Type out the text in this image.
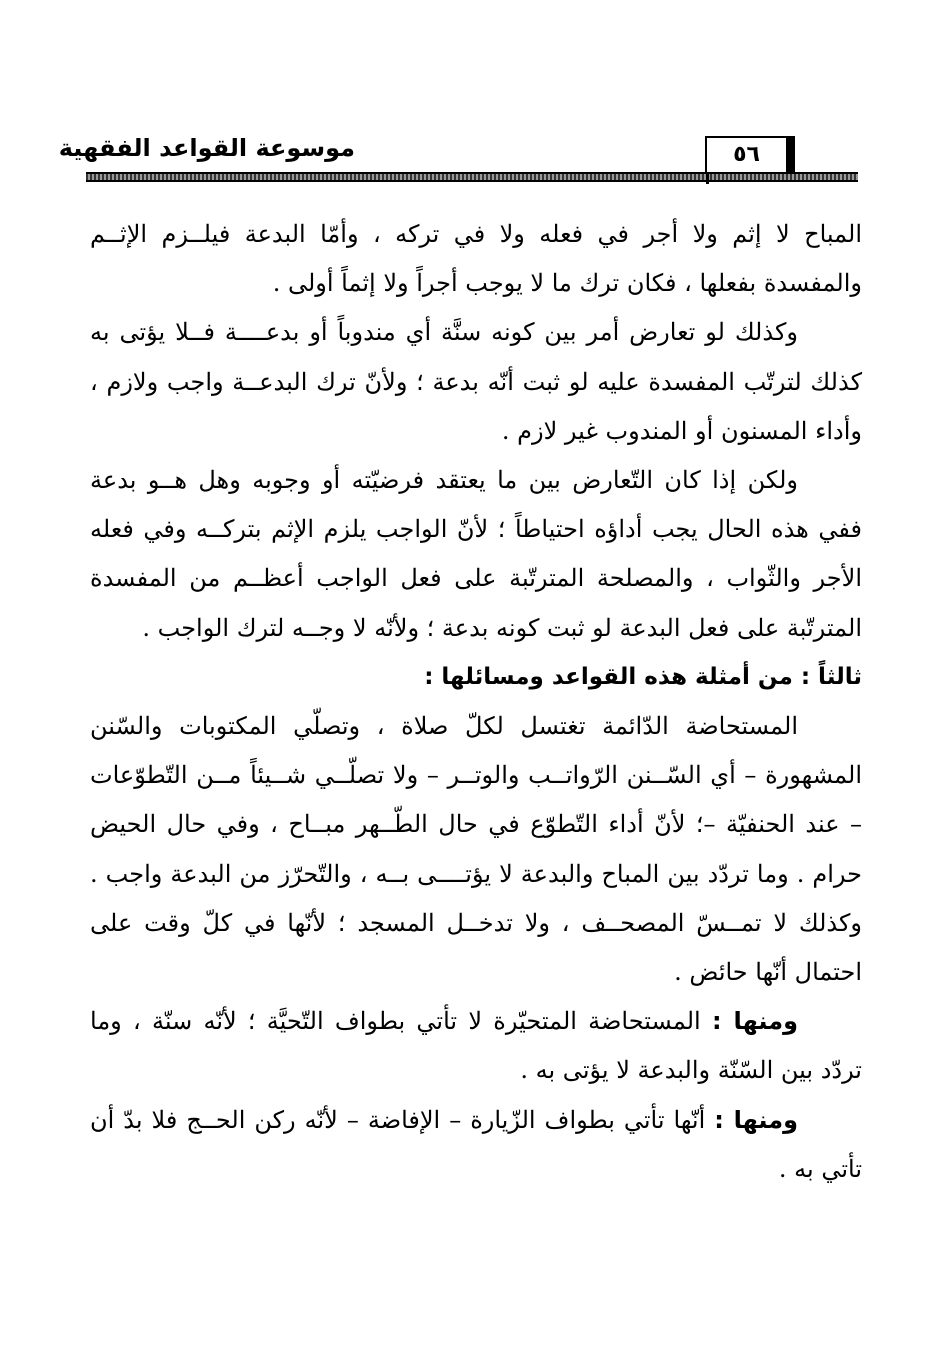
موسوعة القواعد الفقهية	٥٦

المباح لا إثم ولا أجر في فعله ولا في تركه ، وأمّا البدعة فيلــزم الإثــم والمفسدة بفعلها ، فكان ترك ما لا يوجب أجراً ولا إثماً أولى .

وكذلك لو تعارض أمر بين كونه سنَّة أي مندوباً أو بدعــــة فــلا يؤتى به كذلك لترتّب المفسدة عليه لو ثبت أنّه بدعة ؛ ولأنّ ترك البدعــة واجب ولازم ، وأداء المسنون أو المندوب غير لازم .

ولكن إذا كان التّعارض بين ما يعتقد فرضيّته أو وجوبه وهل هــو بدعة ففي هذه الحال يجب أداؤه احتياطاً ؛ لأنّ الواجب يلزم الإثم بتركــه وفي فعله الأجر والثّواب ، والمصلحة المترتّبة على فعل الواجب أعظــم من المفسدة المترتّبة على فعل البدعة لو ثبت كونه بدعة ؛ ولأنّه لا وجــه لترك الواجب .

ثالثاً : من أمثلة هذه القواعد ومسائلها :

المستحاضة الدّائمة تغتسل لكلّ صلاة ، وتصلّي المكتوبات والسّنن المشهورة – أي السّــنن الرّواتــب والوتــر – ولا تصلّــي شــيئاً مــن التّطوّعات – عند الحنفيّة –؛ لأنّ أداء التّطوّع في حال الطّــهر مبــاح ، وفي حال الحيض حرام . وما تردّد بين المباح والبدعة لا يؤتــــى بــه ، والتّحرّز من البدعة واجب . وكذلك لا تمــسّ المصحــف ، ولا تدخــل المسجد ؛ لأنّها في كلّ وقت على احتمال أنّها حائض .

ومنها : المستحاضة المتحيّرة لا تأتي بطواف التّحيَّة ؛ لأنّه سنّة ، وما تردّد بين السّنّة والبدعة لا يؤتى به .

ومنها : أنّها تأتي بطواف الزّيارة – الإفاضة – لأنّه ركن الحــج فلا بدّ أن تأتي به .
